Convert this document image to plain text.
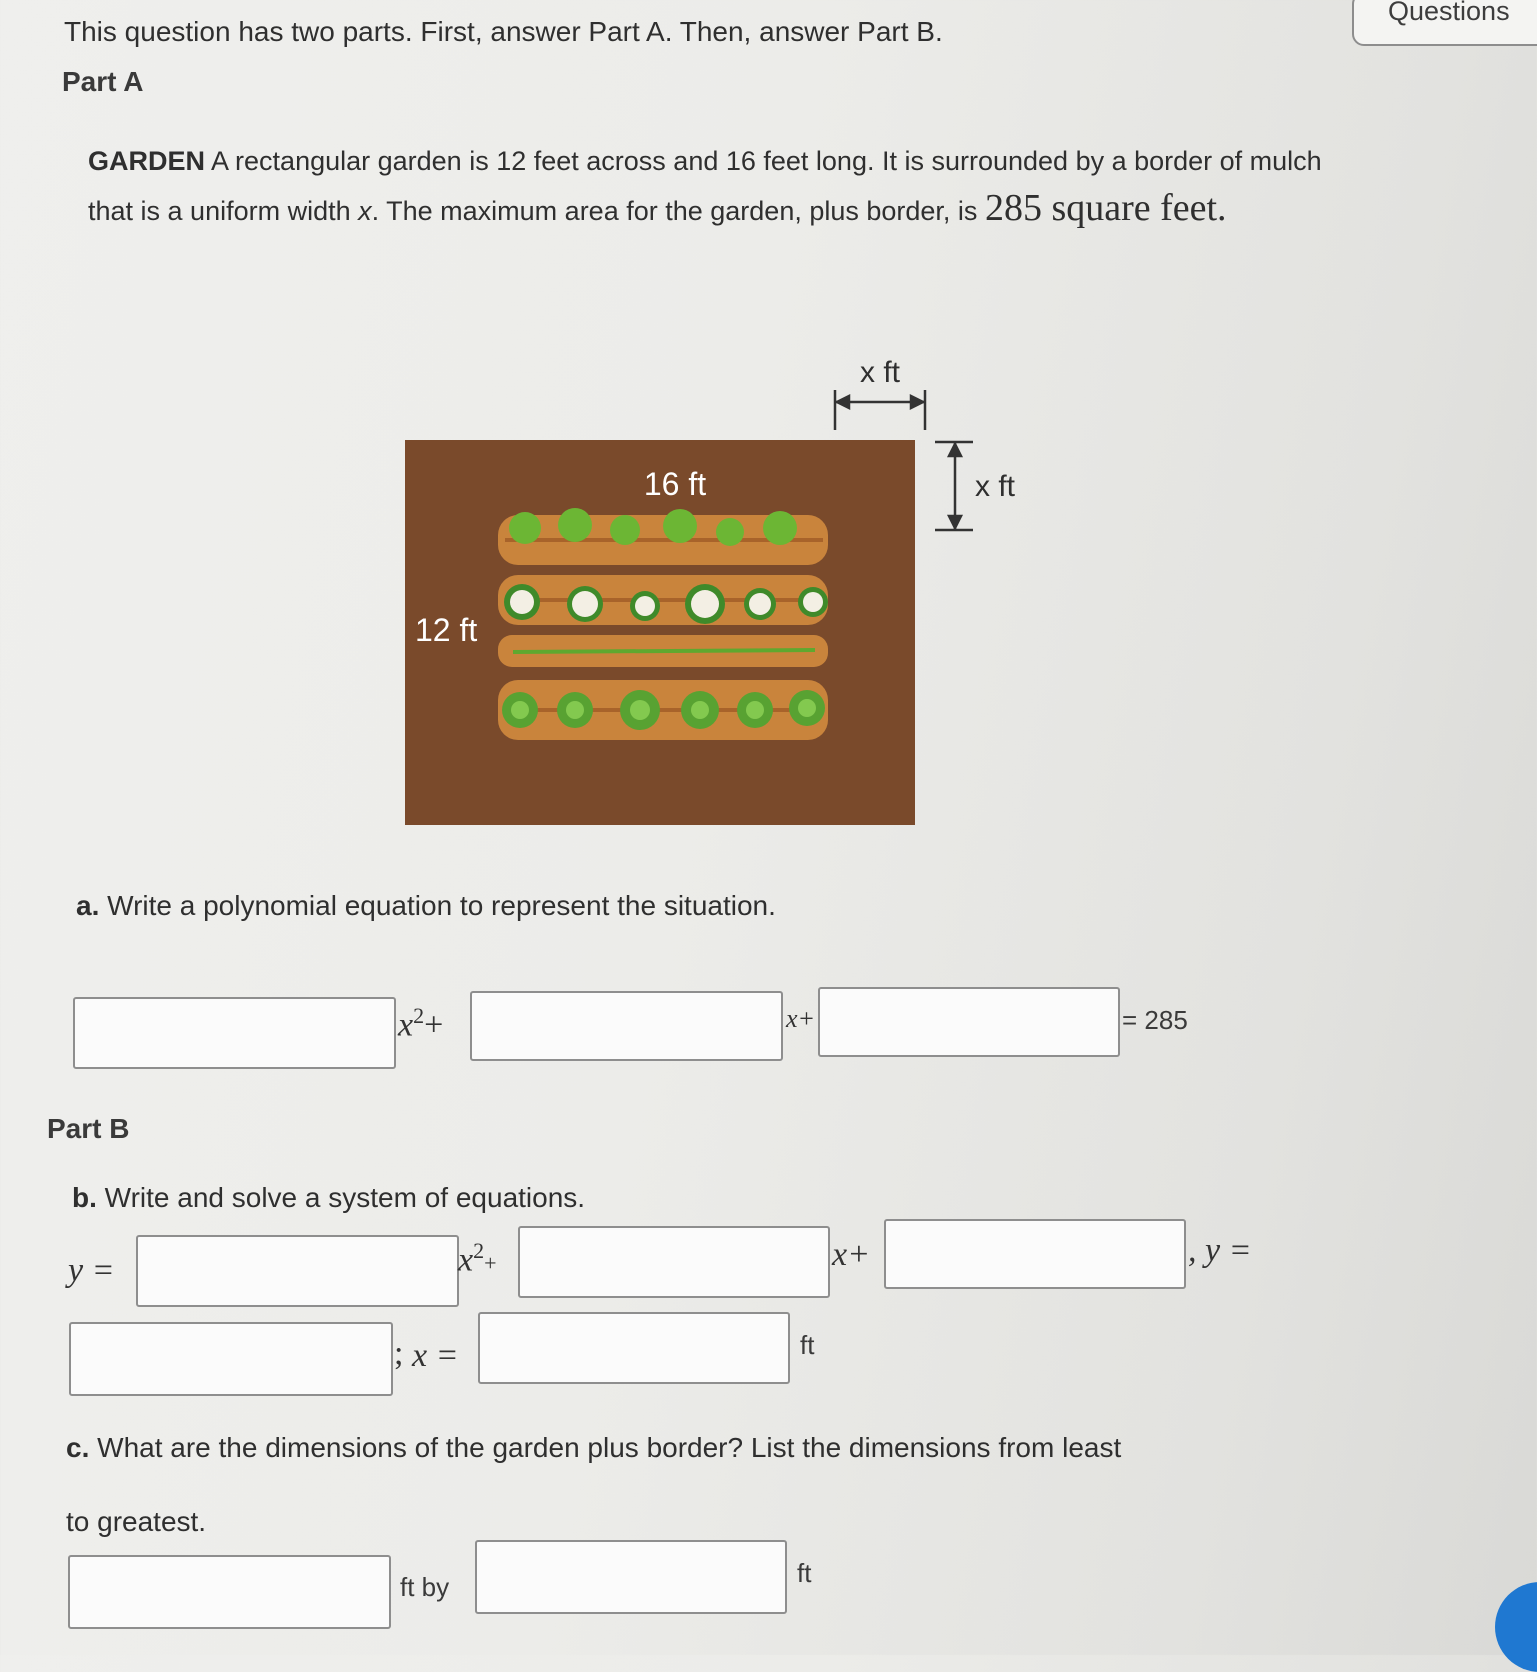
Questions
This question has two parts. First, answer Part A. Then, answer Part B.
Part A
GARDEN A rectangular garden is 12 feet across and 16 feet long. It is surrounded by a border of mulch that is a uniform width x. The maximum area for the garden, plus border, is 285 square feet.
x ft
x ft
16 ft
12 ft
a. Write a polynomial equation to represent the situation.
$x^2+$	x+	= 285
Part B
b. Write and solve a system of equations.
y =	$x^2+$	x+	, y =
; x =	ft
c. What are the dimensions of the garden plus border? List the dimensions from least
to greatest.
ft by	ft
